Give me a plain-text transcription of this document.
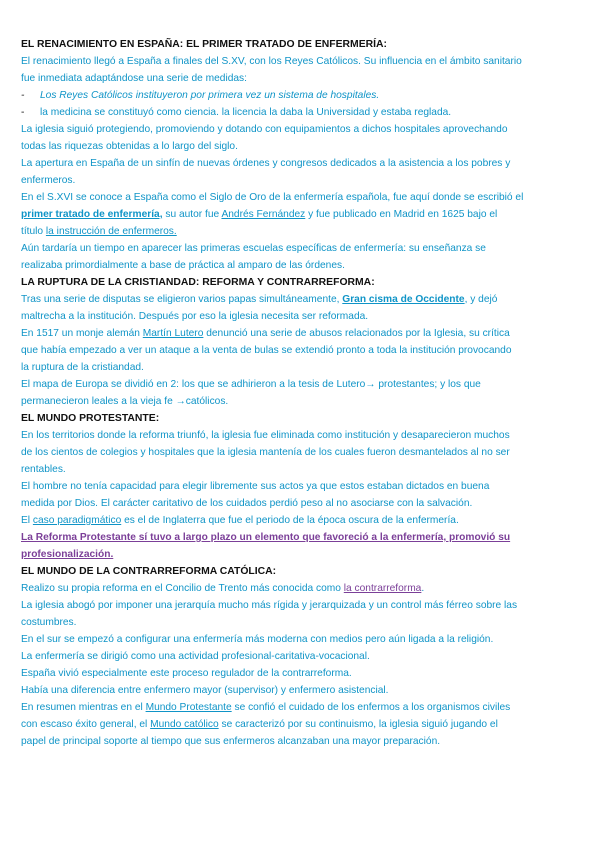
EL RENACIMIENTO EN ESPAÑA: EL PRIMER TRATADO DE ENFERMERÍA:
El renacimiento llegó a España a finales del S.XV, con los Reyes Católicos. Su influencia en el ámbito sanitario
fue inmediata adaptándose una serie de medidas:
- Los Reyes Católicos instituyeron por primera vez un sistema de hospitales.
- la medicina se constituyó como ciencia. la licencia la daba la Universidad y estaba reglada.
La iglesia siguió protegiendo, promoviendo y dotando con equipamientos a dichos hospitales aprovechando
todas las riquezas obtenidas a lo largo del siglo.
La apertura en España de un sinfín de nuevas órdenes y congresos dedicados a la asistencia a los pobres y
enfermeros.
En el S.XVI se conoce a España como el Siglo de Oro de la enfermería española, fue aquí donde se escribió el
primer tratado de enfermería, su autor fue Andrés Fernández y fue publicado en Madrid en 1625 bajo el
título la instrucción de enfermeros.
Aún tardaría un tiempo en aparecer las primeras escuelas específicas de enfermería: su enseñanza se
realizaba primordialmente a base de práctica al amparo de las órdenes.
LA RUPTURA DE LA CRISTIANDAD: REFORMA Y CONTRARREFORMA:
Tras una serie de disputas se eligieron varios papas simultáneamente, Gran cisma de Occidente, y dejó
maltrecha a la institución. Después por eso la iglesia necesita ser reformada.
En 1517 un monje alemán Martín Lutero denunció una serie de abusos relacionados por la Iglesia, su crítica
que había empezado a ver un ataque a la venta de bulas se extendió pronto a toda la institución provocando
la ruptura de la cristiandad.
El mapa de Europa se dividió en 2: los que se adhirieron a la tesis de Lutero→ protestantes; y los que
permanecieron leales a la vieja fe →católicos.
EL MUNDO PROTESTANTE:
En los territorios donde la reforma triunfó, la iglesia fue eliminada como institución y desaparecieron muchos
de los cientos de colegios y hospitales que la iglesia mantenía de los cuales fueron desmantelados al no ser
rentables.
El hombre no tenía capacidad para elegir libremente sus actos ya que estos estaban dictados en buena
medida por Dios. El carácter caritativo de los cuidados perdió peso al no asociarse con la salvación.
El caso paradigmático es el de Inglaterra que fue el periodo de la época oscura de la enfermería.
La Reforma Protestante sí tuvo a largo plazo un elemento que favoreció a la enfermería, promovió su
profesionalización.
EL MUNDO DE LA CONTRARREFORMA CATÓLICA:
Realizo su propia reforma en el Concilio de Trento más conocida como la contrarreforma.
La iglesia abogó por imponer una jerarquía mucho más rígida y jerarquizada y un control más férreo sobre las
costumbres.
En el sur se empezó a configurar una enfermería más moderna con medios pero aún ligada a la religión.
La enfermería se dirigió como una actividad profesional-caritativa-vocacional.
España vivió especialmente este proceso regulador de la contrarreforma.
Había una diferencia entre enfermero mayor (supervisor) y enfermero asistencial.
En resumen mientras en el Mundo Protestante se confió el cuidado de los enfermos a los organismos civiles
con escaso éxito general, el Mundo católico se caracterizó por su continuismo, la iglesia siguió jugando el
papel de principal soporte al tiempo que sus enfermeros alcanzaban una mayor preparación.
